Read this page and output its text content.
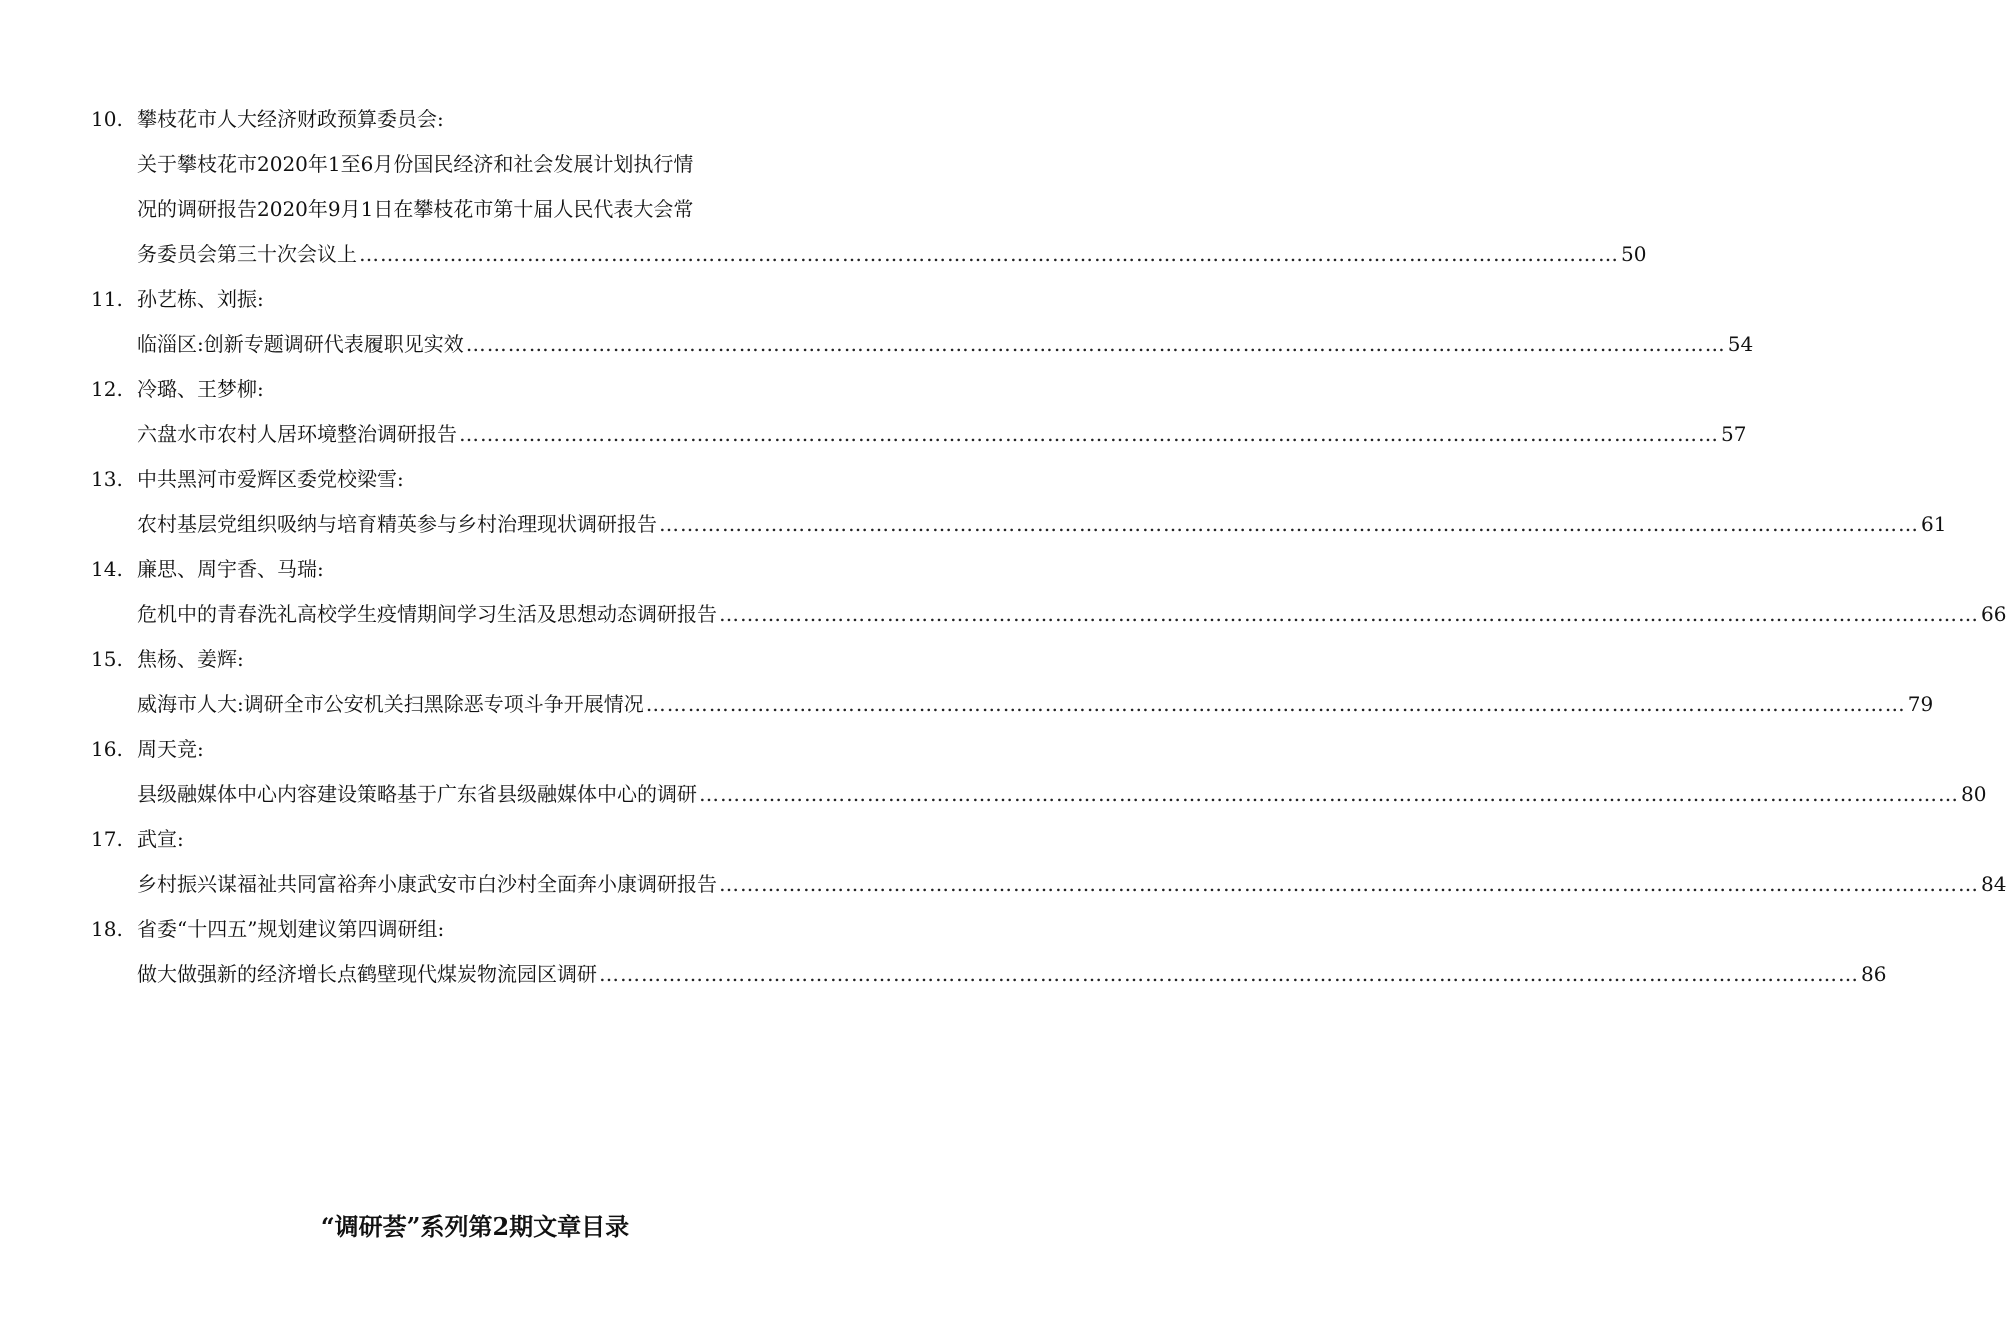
10. 攀枝花市人大经济财政预算委员会:
关于攀枝花市2020年1至6月份国民经济和社会发展计划执行情
况的调研报告2020年9月1日在攀枝花市第十届人民代表大会常
务委员会第三十次会议上 ……………………………………………………………………………………………………………………………………………………………… 50
11. 孙艺栋、刘振:
临淄区:创新专题调研代表履职见实效 ……………………………………………………………………………………………………………………………………………………………… 54
12. 冷璐、王梦柳:
六盘水市农村人居环境整治调研报告 ……………………………………………………………………………………………………………………………………………………………… 57
13. 中共黑河市爱辉区委党校梁雪:
农村基层党组织吸纳与培育精英参与乡村治理现状调研报告 ……………………………………………………………………………………………………………………………………………………………… 61
14. 廉思、周宇香、马瑞:
危机中的青春洗礼高校学生疫情期间学习生活及思想动态调研报告 ……………………………………………………………………………………………………………………………………………………………… 66
15. 焦杨、姜辉:
威海市人大:调研全市公安机关扫黑除恶专项斗争开展情况 ……………………………………………………………………………………………………………………………………………………………… 79
16. 周天竞:
县级融媒体中心内容建设策略基于广东省县级融媒体中心的调研 ……………………………………………………………………………………………………………………………………………………………… 80
17. 武宣:
乡村振兴谋福祉共同富裕奔小康武安市白沙村全面奔小康调研报告 ……………………………………………………………………………………………………………………………………………………………… 84
18. 省委“十四五”规划建议第四调研组:
做大做强新的经济增长点鹤壁现代煤炭物流园区调研 ……………………………………………………………………………………………………………………………………………………………… 86
“调研荟”系列第2期文章目录
